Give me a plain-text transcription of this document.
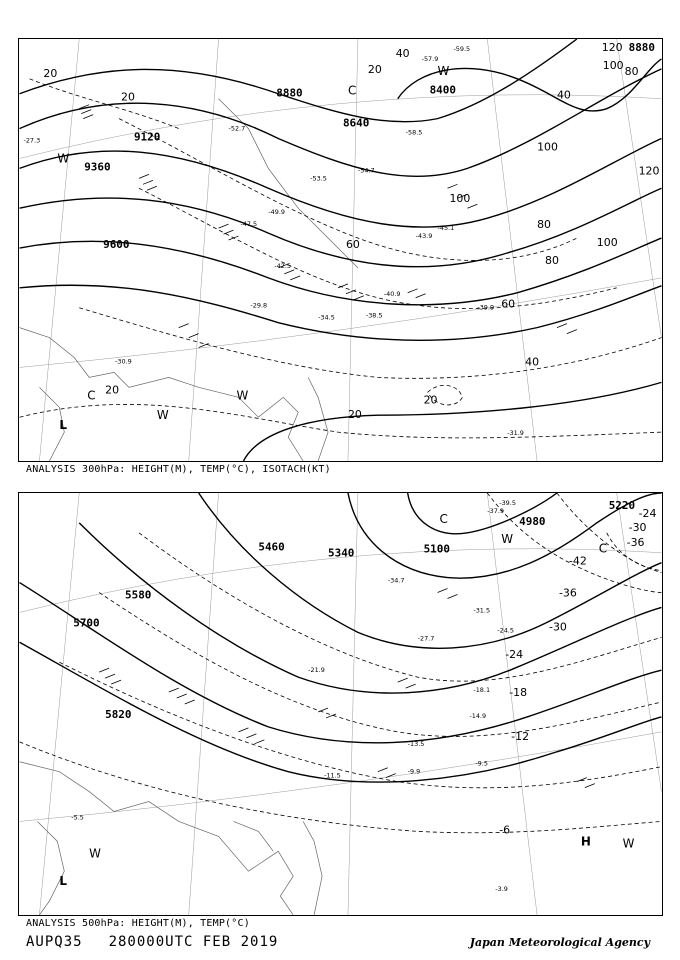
8880
8400
8640
9120
9360
9600
8880
20
20
40
80
100
120
100
80
60
40
20
20
20
20
120
100
100
80
60
40
-59.5
-58.5
-57.9
-54.7
-53.5
-52.7
-49.9
-47.5	-45.1
-42.5
-38.5
-34.5
-30.9
-29.8
-27.3
-40.9
-43.9
-39.9
-31.9
W
W
W
C
L
W
C
ANALYSIS 300hPa: HEIGHT(M), TEMP(°C), ISOTACH(KT)
5220
4980
5100
5460	5340
5580
5700
5820
-24
-30
-36
-42
-36
-30
-24
-18
-12
-6
-39.5
-37.9
-34.7
-31.5
-27.7
-24.5
-21.9
-18.1
-14.9
-13.5
-9.5
-9.9
-11.5
-3.9
-5.5
C
W
C
H	W
W
L
ANALYSIS 500hPa: HEIGHT(M), TEMP(°C)
AUPQ35 280000UTC FEB 2019	Japan Meteorological Agency
